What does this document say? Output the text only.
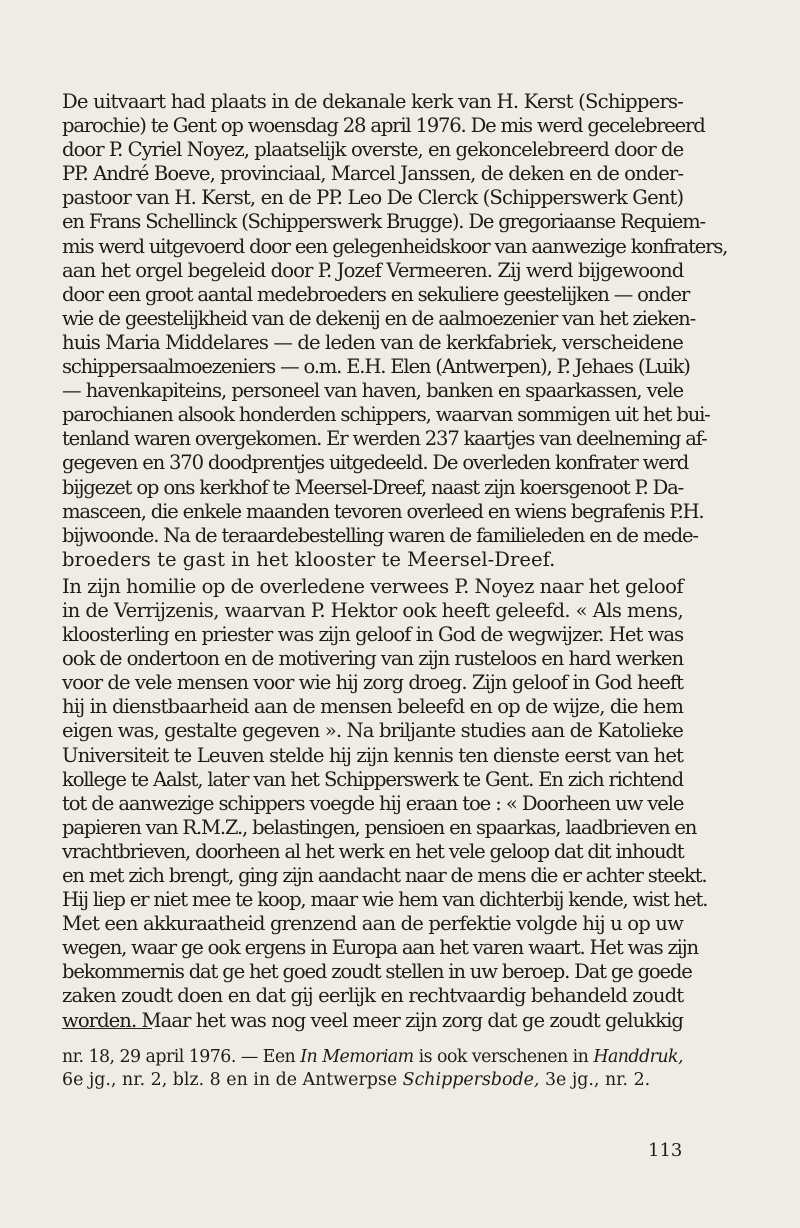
De uitvaart had plaats in de dekanale kerk van H. Kerst (Schippers-
parochie) te Gent op woensdag 28 april 1976. De mis werd gecelebreerd
door P. Cyriel Noyez, plaatselijk overste, en gekoncelebreerd door de
PP. André Boeve, provinciaal, Marcel Janssen, de deken en de onder-
pastoor van H. Kerst, en de PP. Leo De Clerck (Schipperswerk Gent)
en Frans Schellinck (Schipperswerk Brugge). De gregoriaanse Requiem-
mis werd uitgevoerd door een gelegenheidskoor van aanwezige konfraters,
aan het orgel begeleid door P. Jozef Vermeeren. Zij werd bijgewoond
door een groot aantal medebroeders en sekuliere geestelijken — onder
wie de geestelijkheid van de dekenij en de aalmoezenier van het zieken-
huis Maria Middelares — de leden van de kerkfabriek, verscheidene
schippersaalmoezeniers — o.m. E.H. Elen (Antwerpen), P. Jehaes (Luik)
— havenkapiteins, personeel van haven, banken en spaarkassen, vele
parochianen alsook honderden schippers, waarvan sommigen uit het bui-
tenland waren overgekomen. Er werden 237 kaartjes van deelneming af-
gegeven en 370 doodprentjes uitgedeeld. De overleden konfrater werd
bijgezet op ons kerkhof te Meersel-Dreef, naast zijn koersgenoot P. Da-
masceen, die enkele maanden tevoren overleed en wiens begrafenis P.H.
bijwoonde. Na de teraardebestelling waren de familieleden en de mede-
broeders te gast in het klooster te Meersel-Dreef.

In zijn homilie op de overledene verwees P. Noyez naar het geloof
in de Verrijzenis, waarvan P. Hektor ook heeft geleefd. « Als mens,
kloosterling en priester was zijn geloof in God de wegwijzer. Het was
ook de ondertoon en de motivering van zijn rusteloos en hard werken
voor de vele mensen voor wie hij zorg droeg. Zijn geloof in God heeft
hij in dienstbaarheid aan de mensen beleefd en op de wijze, die hem
eigen was, gestalte gegeven ». Na briljante studies aan de Katolieke
Universiteit te Leuven stelde hij zijn kennis ten dienste eerst van het
kollege te Aalst, later van het Schipperswerk te Gent. En zich richtend
tot de aanwezige schippers voegde hij eraan toe : « Doorheen uw vele
papieren van R.M.Z., belastingen, pensioen en spaarkas, laadbrieven en
vrachtbrieven, doorheen al het werk en het vele geloop dat dit inhoudt
en met zich brengt, ging zijn aandacht naar de mens die er achter steekt.
Hij liep er niet mee te koop, maar wie hem van dichterbij kende, wist het.
Met een akkuraatheid grenzend aan de perfektie volgde hij u op uw
wegen, waar ge ook ergens in Europa aan het varen waart. Het was zijn
bekommernis dat ge het goed zoudt stellen in uw beroep. Dat ge goede
zaken zoudt doen en dat gij eerlijk en rechtvaardig behandeld zoudt
worden. Maar het was nog veel meer zijn zorg dat ge zoudt gelukkig

nr. 18, 29 april 1976. — Een In Memoriam is ook verschenen in Handdruk,
6e jg., nr. 2, blz. 8 en in de Antwerpse Schippersbode, 3e jg., nr. 2.
113
